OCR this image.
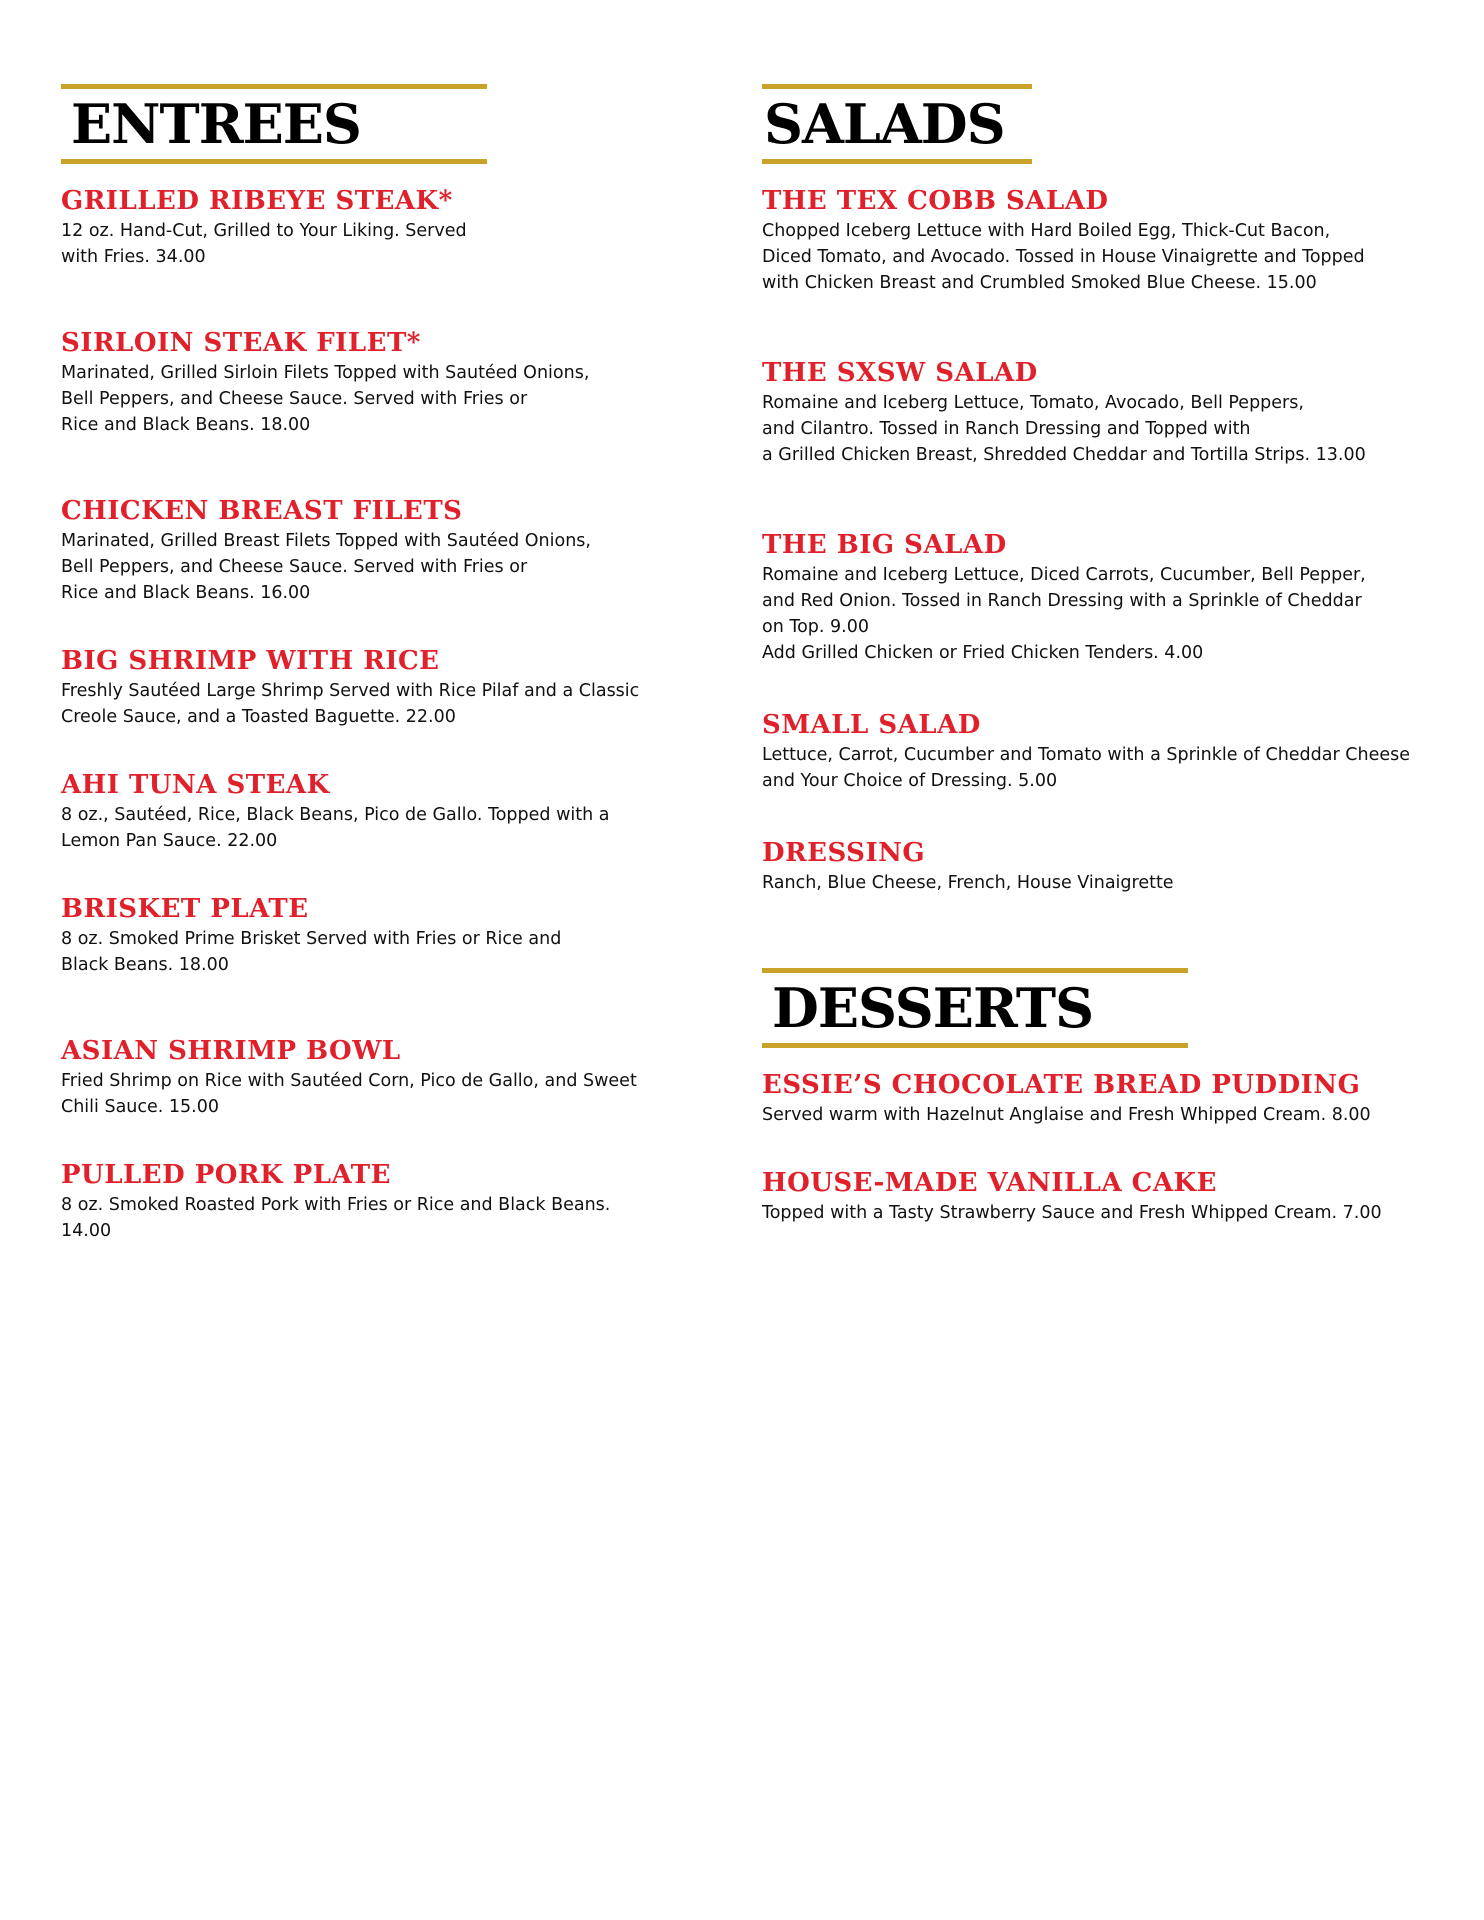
ENTREES
GRILLED RIBEYE STEAK*

12 oz. Hand-Cut, Grilled to Your Liking. Served
with Fries. 34.00

SIRLOIN STEAK FILET*

Marinated, Grilled Sirloin Filets Topped with Sautéed Onions,
Bell Peppers, and Cheese Sauce. Served with Fries or
Rice and Black Beans. 18.00

CHICKEN BREAST FILETS

Marinated, Grilled Breast Filets Topped with Sautéed Onions,
Bell Peppers, and Cheese Sauce. Served with Fries or
Rice and Black Beans. 16.00

BIG SHRIMP WITH RICE

Freshly Sautéed Large Shrimp Served with Rice Pilaf and a Classic
Creole Sauce, and a Toasted Baguette. 22.00

AHI TUNA STEAK

8 oz., Sautéed, Rice, Black Beans, Pico de Gallo. Topped with a
Lemon Pan Sauce. 22.00

BRISKET PLATE

8 oz. Smoked Prime Brisket Served with Fries or Rice and
Black Beans. 18.00

ASIAN SHRIMP BOWL

Fried Shrimp on Rice with Sautéed Corn, Pico de Gallo, and Sweet
Chili Sauce. 15.00

PULLED PORK PLATE

8 oz. Smoked Roasted Pork with Fries or Rice and Black Beans. 14.00

SALADS
THE TEX COBB SALAD

Chopped Iceberg Lettuce with Hard Boiled Egg, Thick-Cut Bacon,
Diced Tomato, and Avocado. Tossed in House Vinaigrette and Topped
with Chicken Breast and Crumbled Smoked Blue Cheese. 15.00

THE SXSW SALAD

Romaine and Iceberg Lettuce, Tomato, Avocado, Bell Peppers,
and Cilantro. Tossed in Ranch Dressing and Topped with
a Grilled Chicken Breast, Shredded Cheddar and Tortilla Strips. 13.00

THE BIG SALAD

Romaine and Iceberg Lettuce, Diced Carrots, Cucumber, Bell Pepper,
and Red Onion. Tossed in Ranch Dressing with a Sprinkle of Cheddar
on Top. 9.00
Add Grilled Chicken or Fried Chicken Tenders. 4.00

SMALL SALAD

Lettuce, Carrot, Cucumber and Tomato with a Sprinkle of Cheddar Cheese
and Your Choice of Dressing. 5.00

DRESSING

Ranch, Blue Cheese, French, House Vinaigrette

DESSERTS
ESSIE’S CHOCOLATE BREAD PUDDING

Served warm with Hazelnut Anglaise and Fresh Whipped Cream. 8.00

HOUSE-MADE VANILLA CAKE

Topped with a Tasty Strawberry Sauce and Fresh Whipped Cream. 7.00
